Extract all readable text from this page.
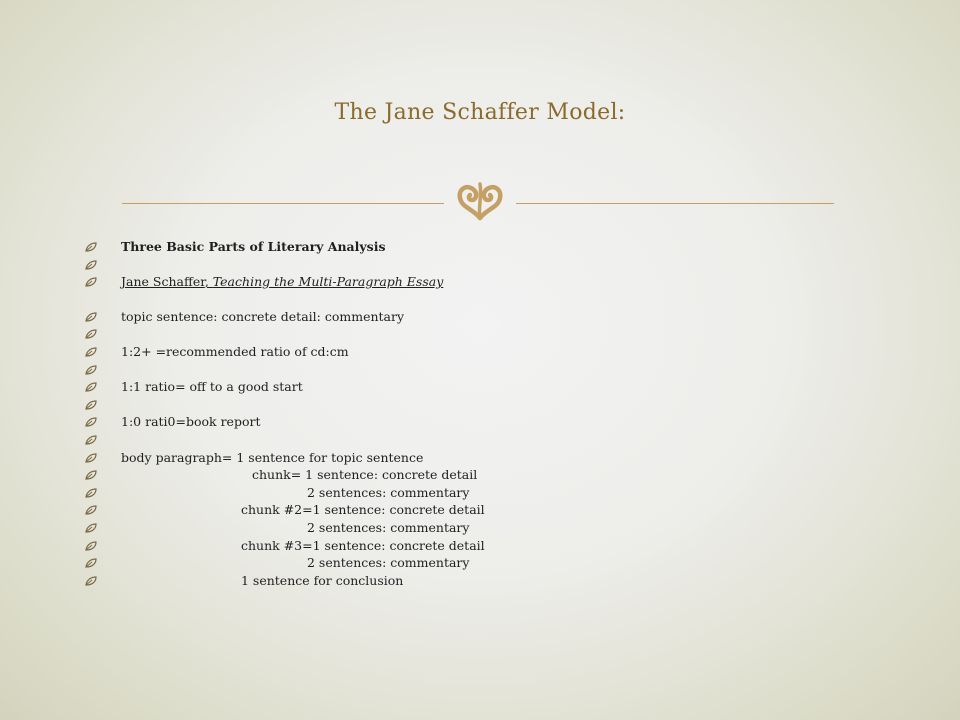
The Jane Schaffer Model:
Three Basic Parts of Literary Analysis
Jane Schaffer, Teaching the Multi-Paragraph Essay
topic sentence: concrete detail: commentary
1:2+ =recommended ratio of cd:cm
1:1 ratio= off to a good start
1:0 rati0=book report
body paragraph= 1 sentence for topic sentence
chunk= 1 sentence: concrete detail
2 sentences: commentary
chunk #2=1 sentence: concrete detail
2 sentences: commentary
chunk #3=1 sentence: concrete detail
2 sentences: commentary
1 sentence for conclusion
